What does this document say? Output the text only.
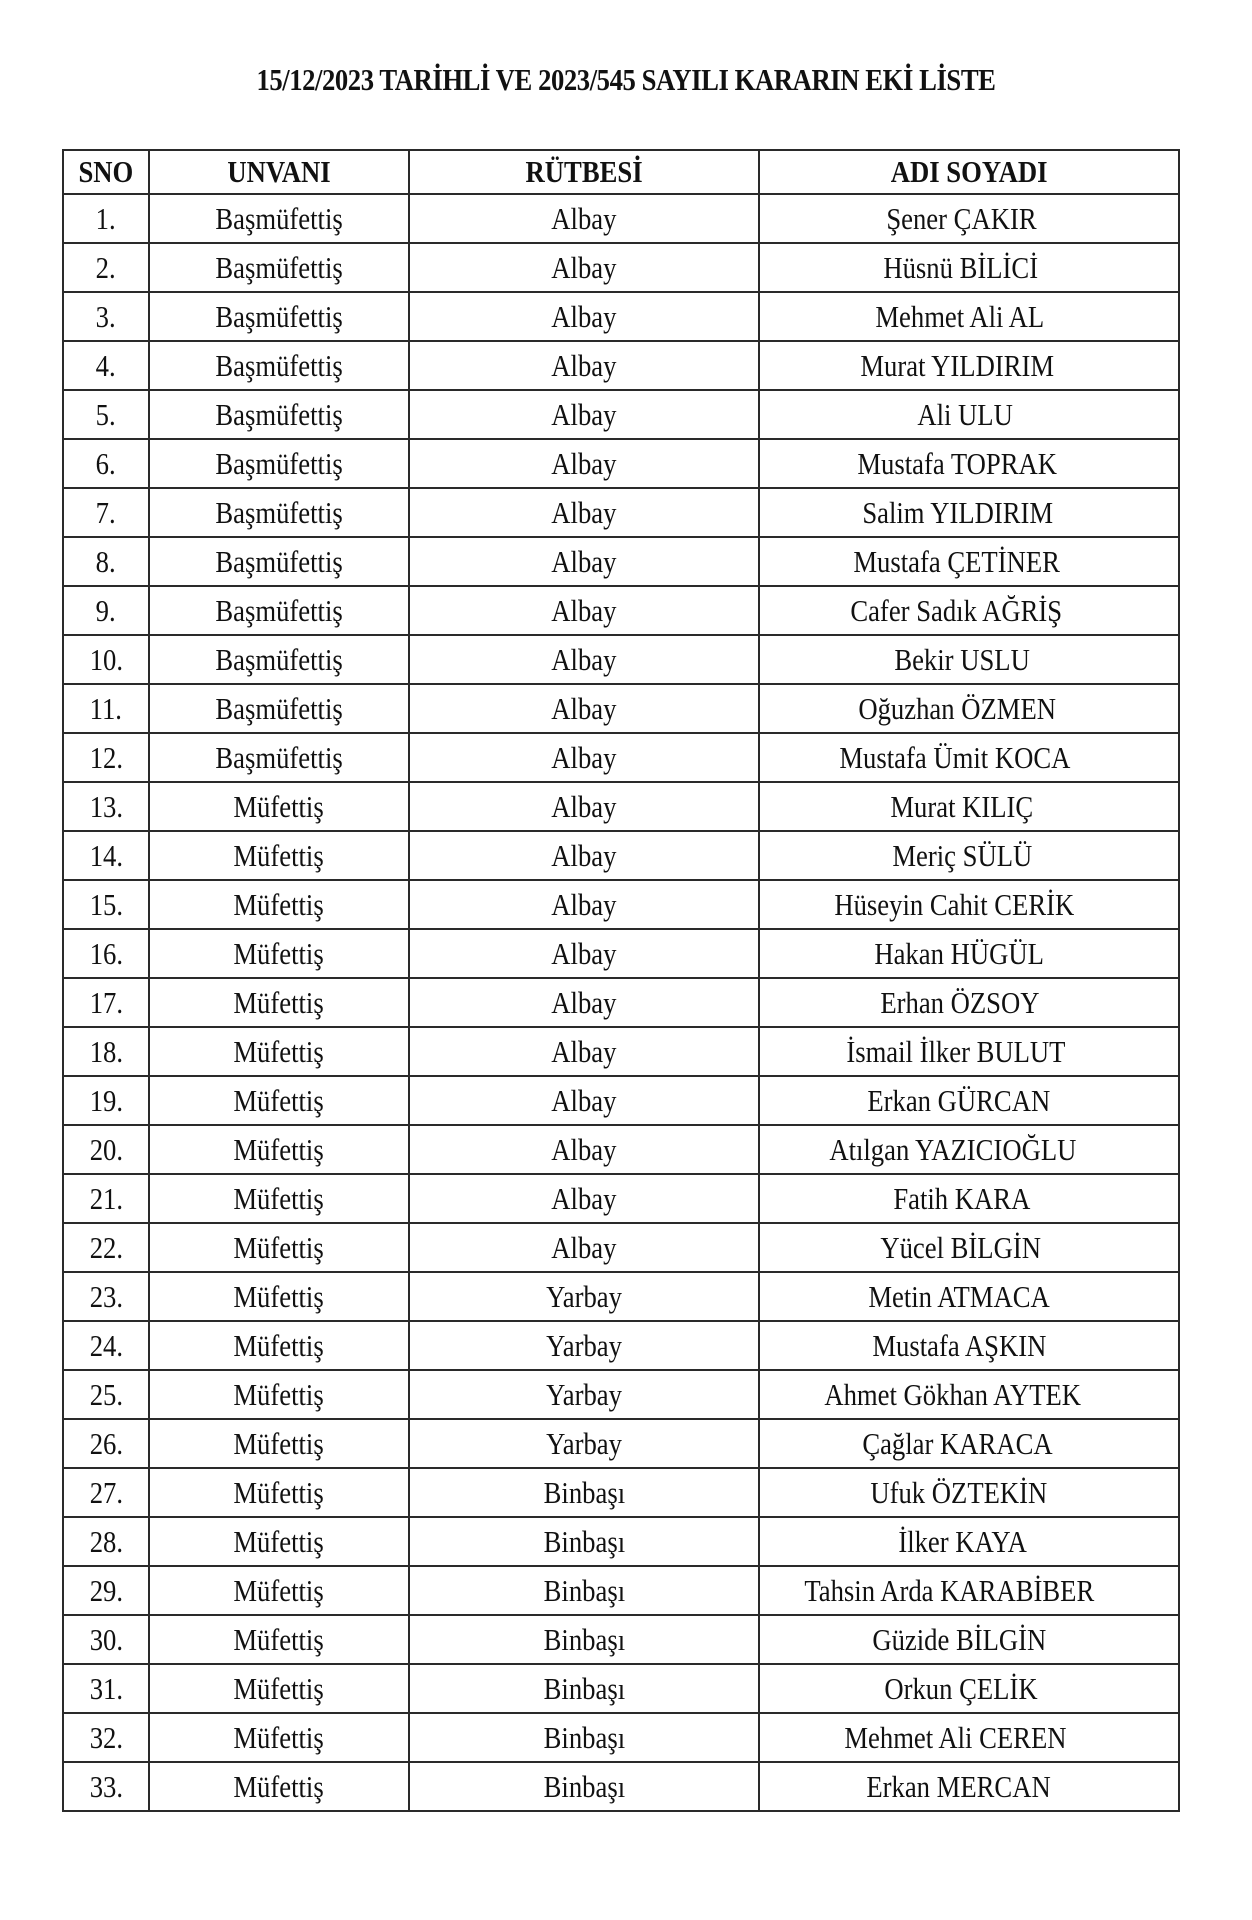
15/12/2023 TARİHLİ VE 2023/545 SAYILI KARARIN EKİ LİSTE
SNO	UNVANI	RÜTBESİ	ADI SOYADI
1.	Başmüfettiş	Albay	Şener ÇAKIR
2.	Başmüfettiş	Albay	Hüsnü BİLİCİ
3.	Başmüfettiş	Albay	Mehmet Ali AL
4.	Başmüfettiş	Albay	Murat YILDIRIM
5.	Başmüfettiş	Albay	Ali ULU
6.	Başmüfettiş	Albay	Mustafa TOPRAK
7.	Başmüfettiş	Albay	Salim YILDIRIM
8.	Başmüfettiş	Albay	Mustafa ÇETİNER
9.	Başmüfettiş	Albay	Cafer Sadık AĞRİŞ
10.	Başmüfettiş	Albay	Bekir USLU
11.	Başmüfettiş	Albay	Oğuzhan ÖZMEN
12.	Başmüfettiş	Albay	Mustafa Ümit KOCA
13.	Müfettiş	Albay	Murat KILIÇ
14.	Müfettiş	Albay	Meriç SÜLÜ
15.	Müfettiş	Albay	Hüseyin Cahit CERİK
16.	Müfettiş	Albay	Hakan HÜGÜL
17.	Müfettiş	Albay	Erhan ÖZSOY
18.	Müfettiş	Albay	İsmail İlker BULUT
19.	Müfettiş	Albay	Erkan GÜRCAN
20.	Müfettiş	Albay	Atılgan YAZICIOĞLU
21.	Müfettiş	Albay	Fatih KARA
22.	Müfettiş	Albay	Yücel BİLGİN
23.	Müfettiş	Yarbay	Metin ATMACA
24.	Müfettiş	Yarbay	Mustafa AŞKIN
25.	Müfettiş	Yarbay	Ahmet Gökhan AYTEK
26.	Müfettiş	Yarbay	Çağlar KARACA
27.	Müfettiş	Binbaşı	Ufuk ÖZTEKİN
28.	Müfettiş	Binbaşı	İlker KAYA
29.	Müfettiş	Binbaşı	Tahsin Arda KARABİBER
30.	Müfettiş	Binbaşı	Güzide BİLGİN
31.	Müfettiş	Binbaşı	Orkun ÇELİK
32.	Müfettiş	Binbaşı	Mehmet Ali CEREN
33.	Müfettiş	Binbaşı	Erkan MERCAN
